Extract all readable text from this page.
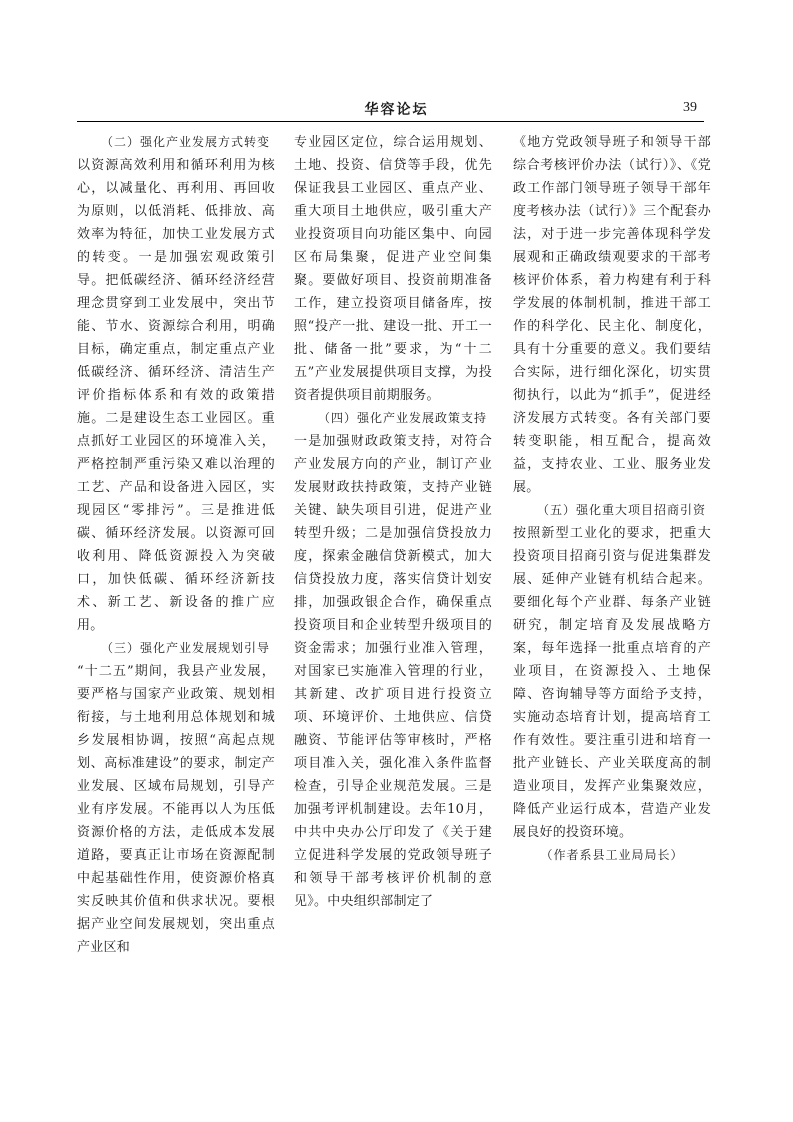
华容论坛	39

（二）强化产业发展方式转变

以资源高效利用和循环利用为核心，以减量化、再利用、再回收为原则，以低消耗、低排放、高效率为特征，加快工业发展方式的转变。一是加强宏观政策引导。把低碳经济、循环经济经营理念贯穿到工业发展中，突出节能、节水、资源综合利用，明确目标，确定重点，制定重点产业低碳经济、循环经济、清洁生产评价指标体系和有效的政策措施。二是建设生态工业园区。重点抓好工业园区的环境准入关，严格控制严重污染又难以治理的工艺、产品和设备进入园区，实现园区“零排污”。三是推进低碳、循环经济发展。以资源可回收利用、降低资源投入为突破口，加快低碳、循环经济新技术、新工艺、新设备的推广应用。

（三）强化产业发展规划引导

“十二五”期间，我县产业发展，要严格与国家产业政策、规划相衔接，与土地利用总体规划和城乡发展相协调，按照“高起点规划、高标准建设”的要求，制定产业发展、区域布局规划，引导产业有序发展。不能再以人为压低资源价格的方法，走低成本发展道路，要真正让市场在资源配制中起基础性作用，使资源价格真实反映其价值和供求状况。要根据产业空间发展规划，突出重点产业区和

专业园区定位，综合运用规划、土地、投资、信贷等手段，优先保证我县工业园区、重点产业、重大项目土地供应，吸引重大产业投资项目向功能区集中、向园区布局集聚，促进产业空间集聚。要做好项目、投资前期准备工作，建立投资项目储备库，按照“投产一批、建设一批、开工一批、储备一批”要求，为“十二五”产业发展提供项目支撑，为投资者提供项目前期服务。

（四）强化产业发展政策支持

一是加强财政政策支持，对符合产业发展方向的产业，制订产业发展财政扶持政策，支持产业链关键、缺失项目引进，促进产业转型升级；二是加强信贷投放力度，探索金融信贷新模式，加大信贷投放力度，落实信贷计划安排，加强政银企合作，确保重点投资项目和企业转型升级项目的资金需求；加强行业准入管理，对国家已实施准入管理的行业，其新建、改扩项目进行投资立项、环境评价、土地供应、信贷融资、节能评估等审核时，严格项目准入关，强化准入条件监督检查，引导企业规范发展。三是加强考评机制建设。去年10月，中共中央办公厅印发了《关于建立促进科学发展的党政领导班子和领导干部考核评价机制的意见》。中央组织部制定了

《地方党政领导班子和领导干部综合考核评价办法（试行）》、《党政工作部门领导班子领导干部年度考核办法（试行）》三个配套办法，对于进一步完善体现科学发展观和正确政绩观要求的干部考核评价体系，着力构建有利于科学发展的体制机制，推进干部工作的科学化、民主化、制度化，具有十分重要的意义。我们要结合实际，进行细化深化，切实贯彻执行，以此为“抓手”，促进经济发展方式转变。各有关部门要转变职能，相互配合，提高效益，支持农业、工业、服务业发展。

（五）强化重大项目招商引资

按照新型工业化的要求，把重大投资项目招商引资与促进集群发展、延伸产业链有机结合起来。要细化每个产业群、每条产业链研究，制定培育及发展战略方案，每年选择一批重点培育的产业项目，在资源投入、土地保障、咨询辅导等方面给予支持，实施动态培育计划，提高培育工作有效性。要注重引进和培育一批产业链长、产业关联度高的制造业项目，发挥产业集聚效应，降低产业运行成本，营造产业发展良好的投资环境。

（作者系县工业局局长）
